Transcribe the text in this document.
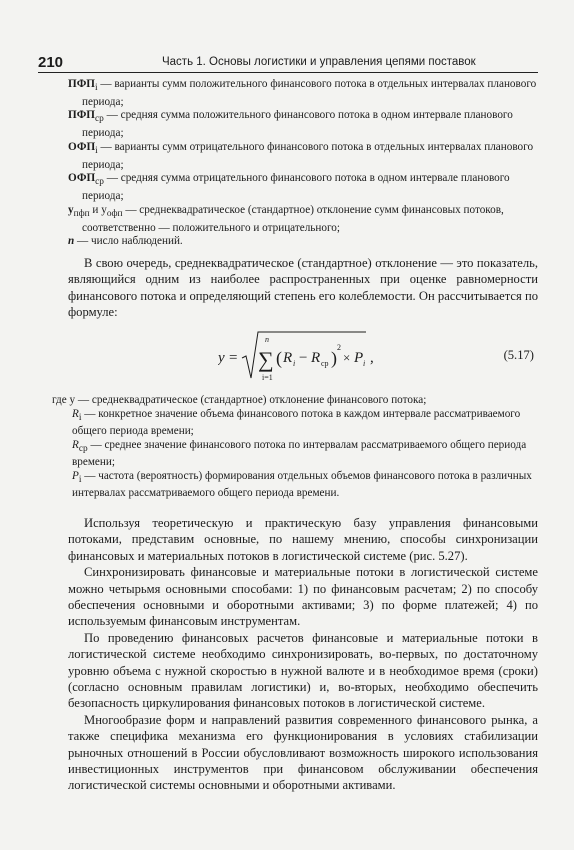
210	Часть 1. Основы логистики и управления цепями поставок
$ПФП_i$ — варианты сумм положительного финансового потока в отдельных интервалах планового периода;
$ПФП_{ср}$ — средняя сумма положительного финансового потока в одном интервале планового периода;
$ОФП_i$ — варианты сумм отрицательного финансового потока в отдельных интервалах планового периода;
$ОФП_{ср}$ — средняя сумма отрицательного финансового потока в одном интервале планового периода;
$у_{пфп}$ и $у_{офп}$ — среднеквадратическое (стандартное) отклонение сумм финансовых потоков, соответственно — положительного и отрицательного;
n — число наблюдений.

В свою очередь, среднеквадратическое (стандартное) отклонение — это показатель, являющийся одним из наиболее распространенных при оценке равномерности финансового потока и определяющий степень его колеблемости. Он рассчитывается по формуле:

y =
n
∑
i=1
( R i − R ср )
2
× P i ,	(5.17)
где у — среднеквадратическое (стандартное) отклонение финансового потока;
$R_i$ — конкретное значение объема финансового потока в каждом интервале рассматриваемого общего периода времени;
$R_{ср}$ — среднее значение финансового потока по интервалам рассматриваемого общего периода времени;
$P_i$ — частота (вероятность) формирования отдельных объемов финансового потока в различных интервалах рассматриваемого общего периода времени.

Используя теоретическую и практическую базу управления финансовыми потоками, представим основные, по нашему мнению, способы синхронизации финансовых и материальных потоков в логистической системе (рис. 5.27).

Синхронизировать финансовые и материальные потоки в логистической системе можно четырьмя основными способами: 1) по финансовым расчетам; 2) по способу обеспечения основными и оборотными активами; 3) по форме платежей; 4) по используемым финансовым инструментам.

По проведению финансовых расчетов финансовые и материальные потоки в логистической системе необходимо синхронизировать, во-первых, по достаточному уровню объема с нужной скоростью в нужной валюте и в необходимое время (сроки) (согласно основным правилам логистики) и, во-вторых, необходимо обеспечить безопасность циркулирования финансовых потоков в логистической системе.

Многообразие форм и направлений развития современного финансового рынка, а также специфика механизма его функционирования в условиях стабилизации рыночных отношений в России обусловливают возможность широкого использования инвестиционных инструментов при финансовом обслуживании обеспечения логистической системы основными и оборотными активами.
